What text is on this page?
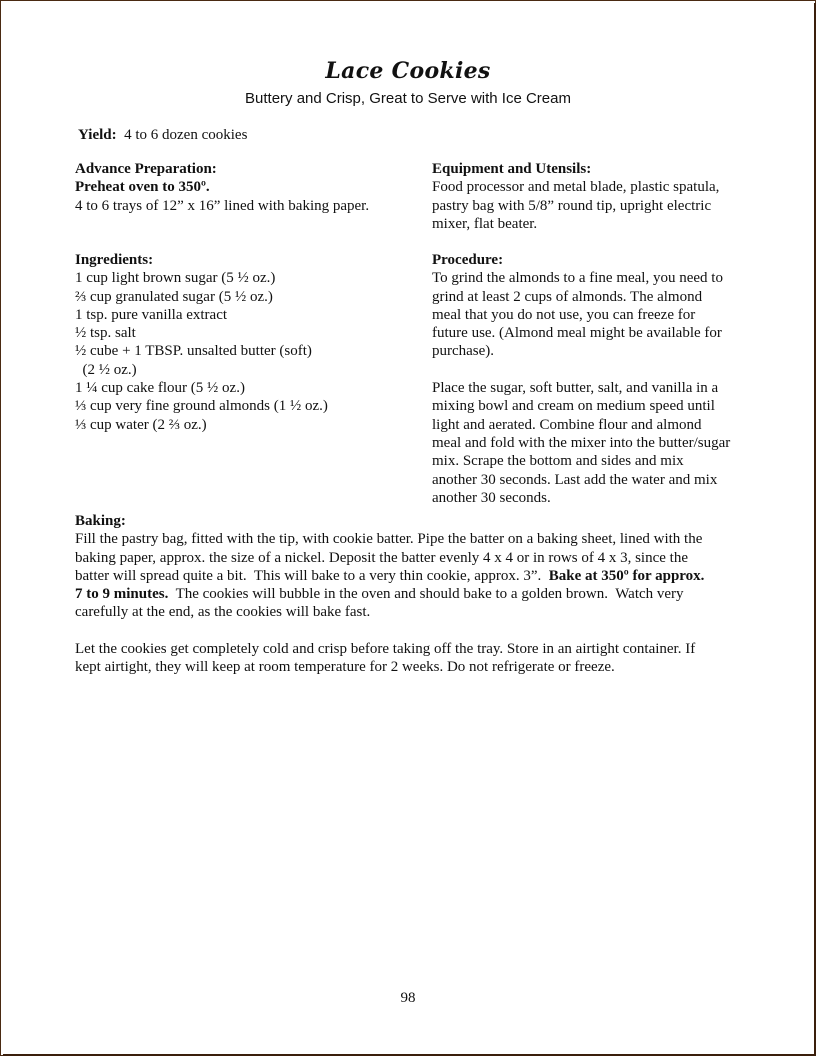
Lace Cookies
Buttery and Crisp, Great to Serve with Ice Cream
Yield: 4 to 6 dozen cookies
Advance Preparation:
Preheat oven to 350º.
4 to 6 trays of 12” x 16” lined with baking paper.
Equipment and Utensils:
Food processor and metal blade, plastic spatula,
pastry bag with 5/8” round tip, upright electric
mixer, flat beater.
Ingredients:
1 cup light brown sugar (5 ½ oz.)
⅔ cup granulated sugar (5 ½ oz.)
1 tsp. pure vanilla extract
½ tsp. salt
½ cube + 1 TBSP. unsalted butter (soft)
(2 ½ oz.)
1 ¼ cup cake flour (5 ½ oz.)
⅓ cup very fine ground almonds (1 ½ oz.)
⅓ cup water (2 ⅔ oz.)
Procedure:
To grind the almonds to a fine meal, you need to
grind at least 2 cups of almonds. The almond
meal that you do not use, you can freeze for
future use. (Almond meal might be available for
purchase).
Place the sugar, soft butter, salt, and vanilla in a
mixing bowl and cream on medium speed until
light and aerated. Combine flour and almond
meal and fold with the mixer into the butter/sugar
mix. Scrape the bottom and sides and mix
another 30 seconds. Last add the water and mix
another 30 seconds.
Baking:
Fill the pastry bag, fitted with the tip, with cookie batter. Pipe the batter on a baking sheet, lined with the
baking paper, approx. the size of a nickel. Deposit the batter evenly 4 x 4 or in rows of 4 x 3, since the
batter will spread quite a bit.  This will bake to a very thin cookie, approx. 3”.  Bake at 350º for approx.
7 to 9 minutes.  The cookies will bubble in the oven and should bake to a golden brown.  Watch very
carefully at the end, as the cookies will bake fast.
Let the cookies get completely cold and crisp before taking off the tray. Store in an airtight container. If
kept airtight, they will keep at room temperature for 2 weeks. Do not refrigerate or freeze.
98
